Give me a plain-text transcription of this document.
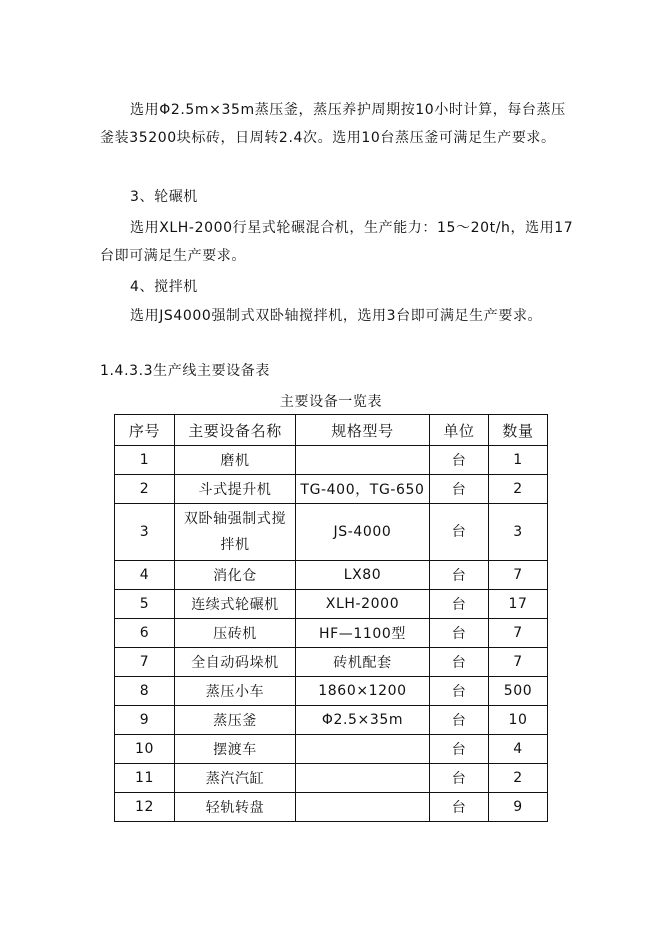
选用Φ2.5m×35m蒸压釜，蒸压养护周期按10小时计算，每台蒸压釜装35200块标砖，日周转2.4次。选用10台蒸压釜可满足生产要求。

3、轮碾机

选用XLH-2000行星式轮碾混合机，生产能力：15～20t/h，选用17台即可满足生产要求。

4、搅拌机

选用JS4000强制式双卧轴搅拌机，选用3台即可满足生产要求。

1.4.3.3生产线主要设备表
主要设备一览表
序号	主要设备名称	规格型号	单位	数量
1	磨机		台	1
2	斗式提升机	TG-400，TG-650	台	2
3	双卧轴强制式搅拌机	JS-4000	台	3
4	消化仓	LX80	台	7
5	连续式轮碾机	XLH-2000	台	17
6	压砖机	HF—1100型	台	7
7	全自动码垛机	砖机配套	台	7
8	蒸压小车	1860×1200	台	500
9	蒸压釜	Φ2.5×35m	台	10
10	摆渡车		台	4
11	蒸汽汽缸		台	2
12	轻轨转盘		台	9
